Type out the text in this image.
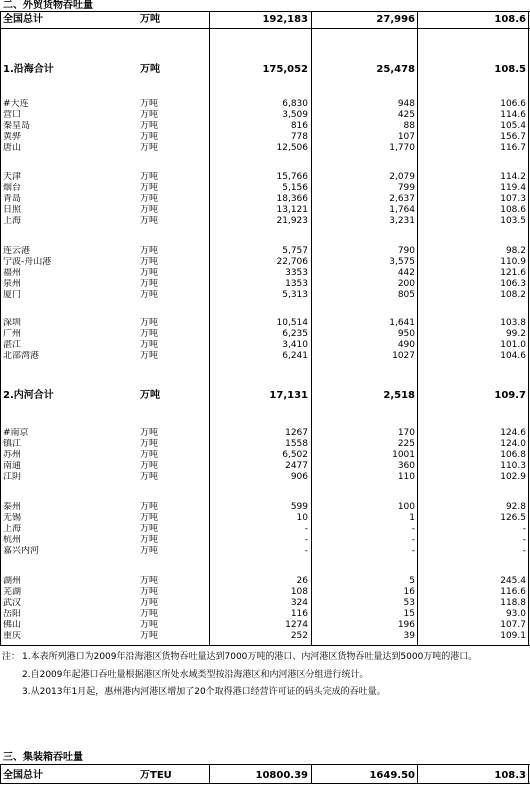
二、外贸货物吞吐量
全国总计	万吨	192,183	27,996	108.6
1.沿海合计	万吨	175,052	25,478	108.5
#大连	万吨	6,830	948	106.6
营口	万吨	3,509	425	114.6
秦皇岛	万吨	816	88	105.4
黄骅	万吨	778	107	156.7
唐山	万吨	12,506	1,770	116.7
天津	万吨	15,766	2,079	114.2
烟台	万吨	5,156	799	119.4
青岛	万吨	18,366	2,637	107.3
日照	万吨	13,121	1,764	108.6
上海	万吨	21,923	3,231	103.5
连云港	万吨	5,757	790	98.2
宁波-舟山港	万吨	22,706	3,575	110.9
福州	万吨	3353	442	121.6
泉州	万吨	1353	200	106.3
厦门	万吨	5,313	805	108.2
深圳	万吨	10,514	1,641	103.8
广州	万吨	6,235	950	99.2
湛江	万吨	3,410	490	101.0
北部湾港	万吨	6,241	1027	104.6
2.内河合计	万吨	17,131	2,518	109.7
#南京	万吨	1267	170	124.6
镇江	万吨	1558	225	124.0
苏州	万吨	6,502	1001	106.8
南通	万吨	2477	360	110.3
江阴	万吨	906	110	102.9
泰州	万吨	599	100	92.8
无锡	万吨	10	1	126.5
上海	万吨	-	-	-
杭州	万吨	-	-	-
嘉兴内河	万吨	-	-	-
湖州	万吨	26	5	245.4
芜湖	万吨	108	16	116.6
武汉	万吨	324	53	118.8
岳阳	万吨	116	15	93.0
佛山	万吨	1274	196	107.7
重庆	万吨	252	39	109.1
全国总计	万TEU	10800.39	1649.50	108.3
注： 1.本表所列港口为2009年沿海港区货物吞吐量达到7000万吨的港口、内河港区货物吞吐量达到5000万吨的港口。
2.自2009年起港口吞吐量根据港区所处水域类型按沿海港区和内河港区分组进行统计。
3.从2013年1月起，惠州港内河港区增加了20个取得港口经营许可证的码头完成的吞吐量。
三、集装箱吞吐量
